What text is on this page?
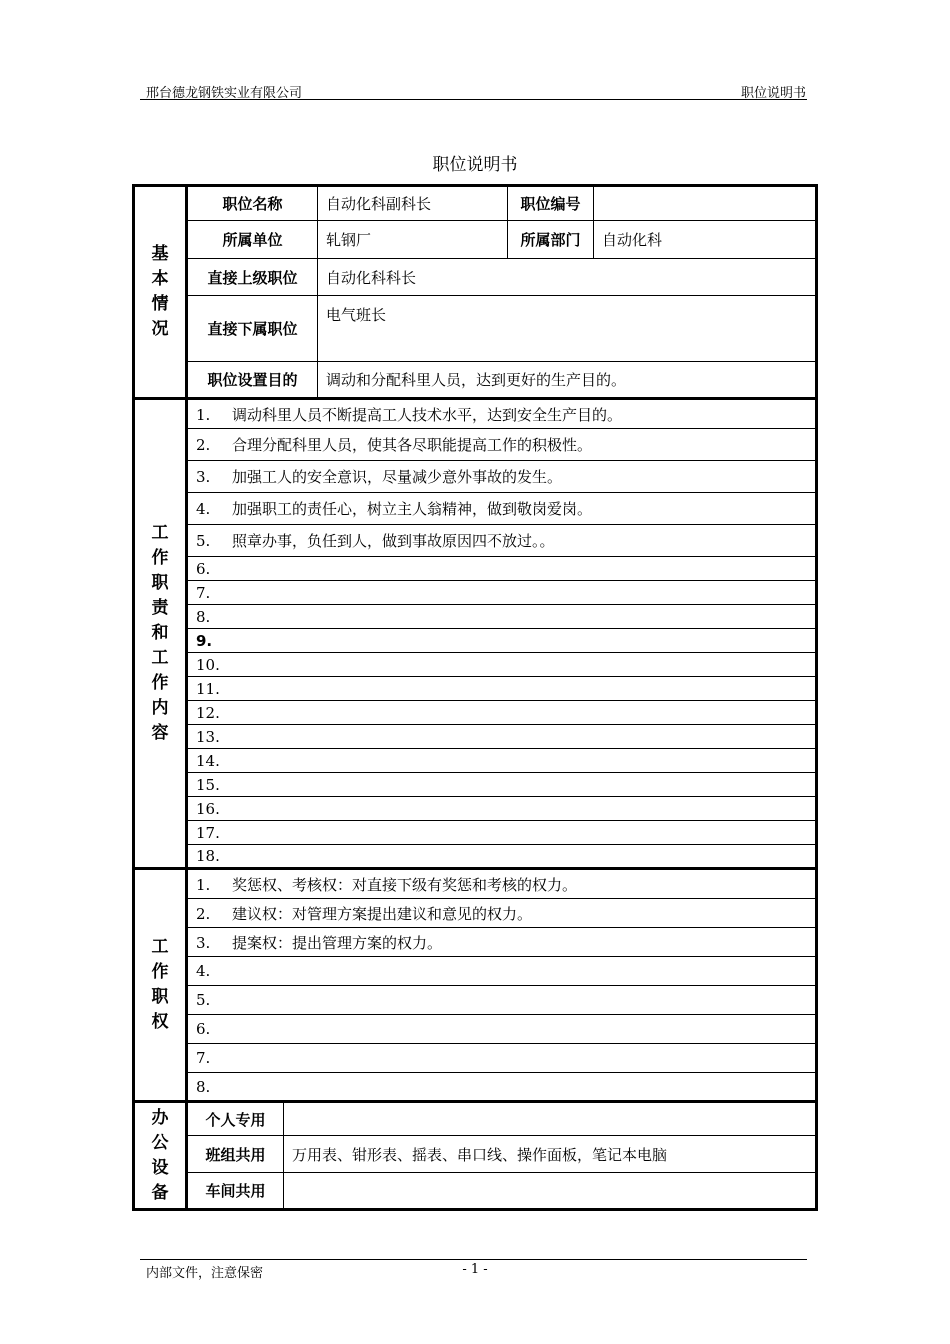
邢台德龙钢铁实业有限公司	职位说明书
职位说明书
基本情况	职位名称		自动化科副科长	职位编号	
	所属单位		轧钢厂	所属部门	自动化科
	直接上级职位		自动化科科长		
	直接下属职位		电气班长		
	职位设置目的		调动和分配科里人员，达到更好的生产目的。		
工作职责和工作内容	1. 调动科里人员不断提高工人技术水平，达到安全生产目的。				
	2. 合理分配科里人员，使其各尽职能提高工作的积极性。				
	3. 加强工人的安全意识，尽量减少意外事故的发生。				
	4. 加强职工的责任心，树立主人翁精神，做到敬岗爱岗。				
	5. 照章办事，负任到人，做到事故原因四不放过。。				
	6.				
	7.				
	8.				
	9.				
	10.				
	11.				
	12.				
	13.				
	14.				
	15.				
	16.				
	17.				
	18.				
工作职权	1. 奖惩权、考核权：对直接下级有奖惩和考核的权力。				
	2. 建议权：对管理方案提出建议和意见的权力。				
	3. 提案权：提出管理方案的权力。				
	4.				
	5.				
	6.				
	7.				
	8.				
办公设备	个人专用				
	班组共用	万用表、钳形表、摇表、串口线、操作面板，笔记本电脑			
	车间共用				
内部文件，注意保密	- 1 -
